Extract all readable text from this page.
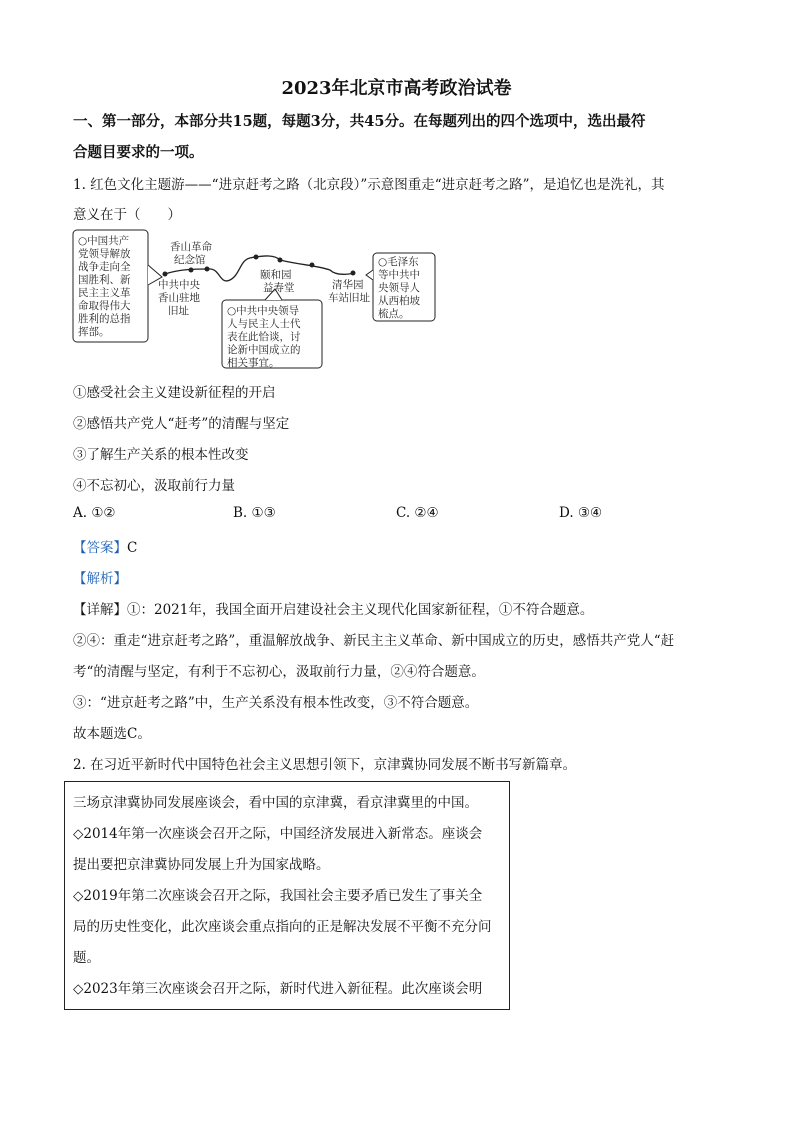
2023年北京市高考政治试卷
一、第一部分，本部分共15题，每题3分，共45分。在每题列出的四个选项中，选出最符
合题目要求的一项。
1. 红色文化主题游——“进京赶考之路（北京段）”示意图重走“进京赶考之路”，是追忆也是洗礼，其
意义在于（　　）
○中国共产
党领导解放
战争走向全
国胜利、新
民主主义革
命取得伟大
胜利的总指
挥部。
○中共中央领导
人与民主人士代
表在此恰谈，讨
论新中国成立的
相关事宜。
○毛泽东
等中共中
央领导人
从西柏坡
梳点。
香山革命
纪念馆
中共中央
香山驻地
旧址
颐和园
益寿堂	清华园
车站旧址
①感受社会主义建设新征程的开启
②感悟共产党人“赶考”的清醒与坚定
③了解生产关系的根本性改变
④不忘初心，汲取前行力量
A. ①②	B. ①③	C. ②④	D. ③④
【答案】C
【解析】
【详解】①：2021年，我国全面开启建设社会主义现代化国家新征程，①不符合题意。
②④：重走“进京赶考之路”，重温解放战争、新民主主义革命、新中国成立的历史，感悟共产党人“赶
考“的清醒与坚定，有利于不忘初心，汲取前行力量，②④符合题意。
③：“进京赶考之路”中，生产关系没有根本性改变，③不符合题意。
故本题选C。
2. 在习近平新时代中国特色社会主义思想引领下，京津冀协同发展不断书写新篇章。
三场京津冀协同发展座谈会，看中国的京津冀，看京津冀里的中国。
◇2014年第一次座谈会召开之际，中国经济发展进入新常态。座谈会
提出要把京津冀协同发展上升为国家战略。
◇2019年第二次座谈会召开之际，我国社会主要矛盾已发生了事关全
局的历史性变化，此次座谈会重点指向的正是解决发展不平衡不充分问
题。
◇2023年第三次座谈会召开之际，新时代进入新征程。此次座谈会明
